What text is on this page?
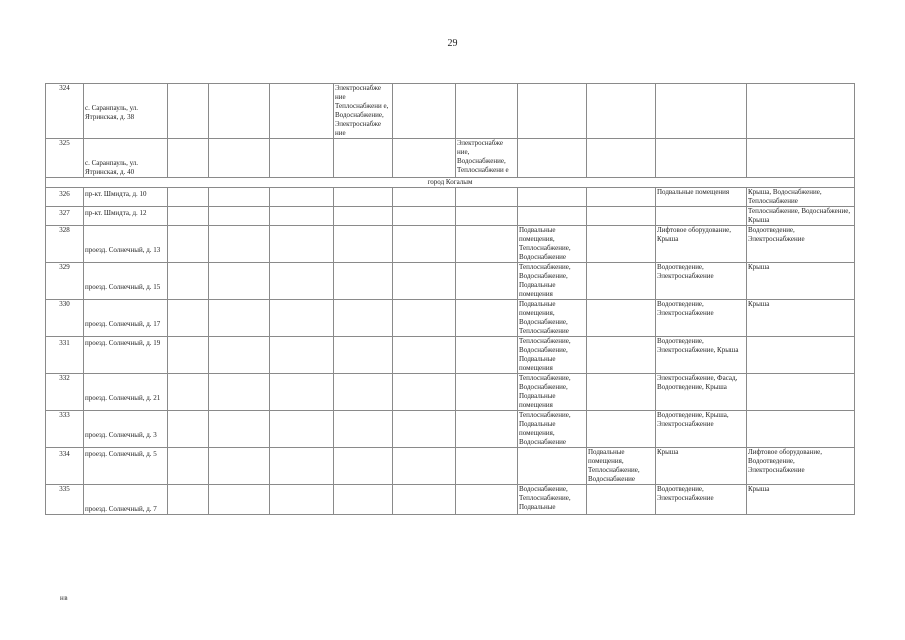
29
324	с. Саранпауль, ул. Ятринская, д. 38				Электроснабже ние Теплоснабжени е, Водоснабжение, Электроснабже ние						
325	с. Саранпауль, ул. Ятринская, д. 40						Электроснабже ние, Водоснабжение, Теплоснабжени е				
город Когалым											
326	пр-кт. Шмидта, д. 10									Подвальные помещения	Крыша, Водоснабжение, Теплоснабжение
327	пр-кт. Шмидта, д. 12										Теплоснабжение, Водоснабжение, Крыша
328	проезд. Солнечный, д. 13							Подвальные помещения, Теплоснабжение, Водоснабжение		Лифтовое оборудование, Крыша	Водоотведение, Электроснабжение
329	проезд. Солнечный, д. 15							Теплоснабжение, Водоснабжение, Подвальные помещения		Водоотведение, Электроснабжение	Крыша
330	проезд. Солнечный, д. 17							Подвальные помещения, Водоснабжение, Теплоснабжение		Водоотведение, Электроснабжение	Крыша
331	проезд. Солнечный, д. 19							Теплоснабжение, Водоснабжение, Подвальные помещения		Водоотведение, Электроснабжение, Крыша	
332	проезд. Солнечный, д. 21							Теплоснабжение, Водоснабжение, Подвальные помещения		Электроснабжение, Фасад, Водоотведение, Крыша	
333	проезд. Солнечный, д. 3							Теплоснабжение, Подвальные помещения, Водоснабжение		Водоотведение, Крыша, Электроснабжение	
334	проезд. Солнечный, д. 5								Подвальные помещения, Теплоснабжение, Водоснабжение	Крыша	Лифтовое оборудование, Водоотведение, Электроснабжение
335	проезд. Солнечный, д. 7							Водоснабжение, Теплоснабжение, Подвальные		Водоотведение, Электроснабжение	Крыша
нв
